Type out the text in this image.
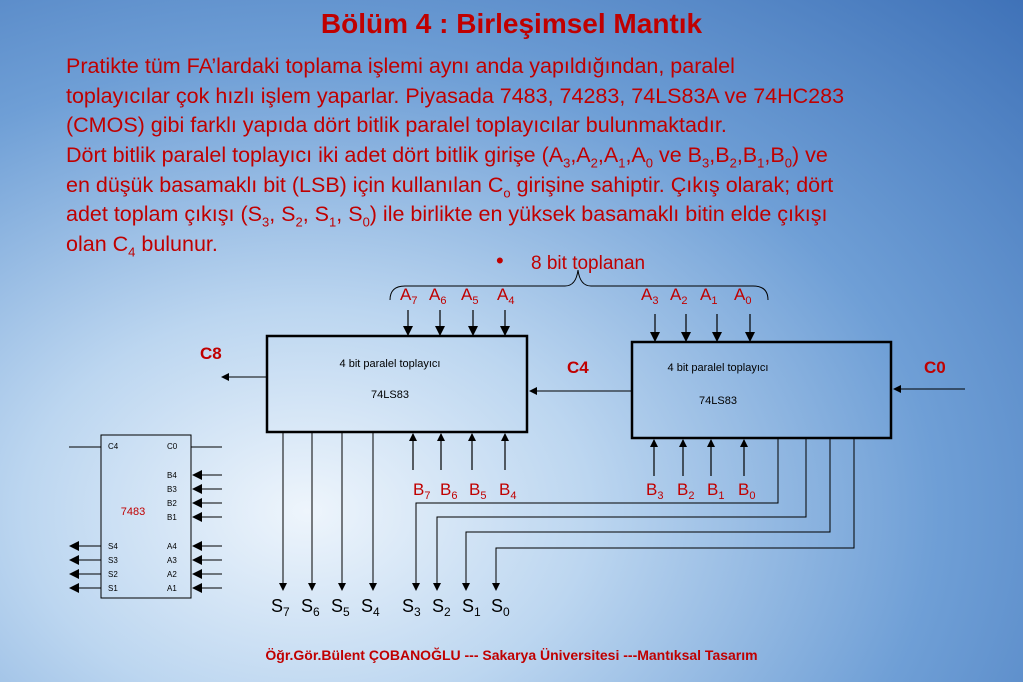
Bölüm 4 : Birleşimsel Mantık
Pratikte tüm FA’lardaki toplama işlemi aynı anda yapıldığından, paralel
toplayıcılar çok hızlı işlem yaparlar. Piyasada 7483, 74283, 74LS83A ve 74HC283
(CMOS) gibi farklı yapıda dört bitlik paralel toplayıcılar bulunmaktadır.
Dört bitlik paralel toplayıcı iki adet dört bitlik girişe ($A_3,A_2,A_1,A_0$ ve $B_3,B_2,B_1,B_0$) ve
en düşük basamaklı bit (LSB) için kullanılan $C_o$ girişine sahiptir. Çıkış olarak; dört
adet toplam çıkışı ($S_3$, $S_2$, $S_1$, $S_0$) ile birlikte en yüksek basamaklı bitin elde çıkışı
olan $C_4$ bulunur.
• 8 bit toplanan
4 bit paralel toplayıcı
74LS83
4 bit paralel toplayıcı
74LS83
C8
C4	C0
$A_7$ $A_6$ $A_5$ $A_4$	$A_3$ $A_2$ $A_1$ $A_0$
$B_7$ $B_6$ $B_5$ $B_4$	$B_3$ $B_2$ $B_1$ $B_0$
$S_7$ $S_6$ $S_5$ $S_4$ $S_3$ $S_2$ $S_1$ $S_0$
7483
C4	C0
B4
B3
B2
B1
S4
S3
S2
S1
A4
A3
A2
A1
Öğr.Gör.Bülent ÇOBANOĞLU --- Sakarya Üniversitesi ---Mantıksal Tasarım
